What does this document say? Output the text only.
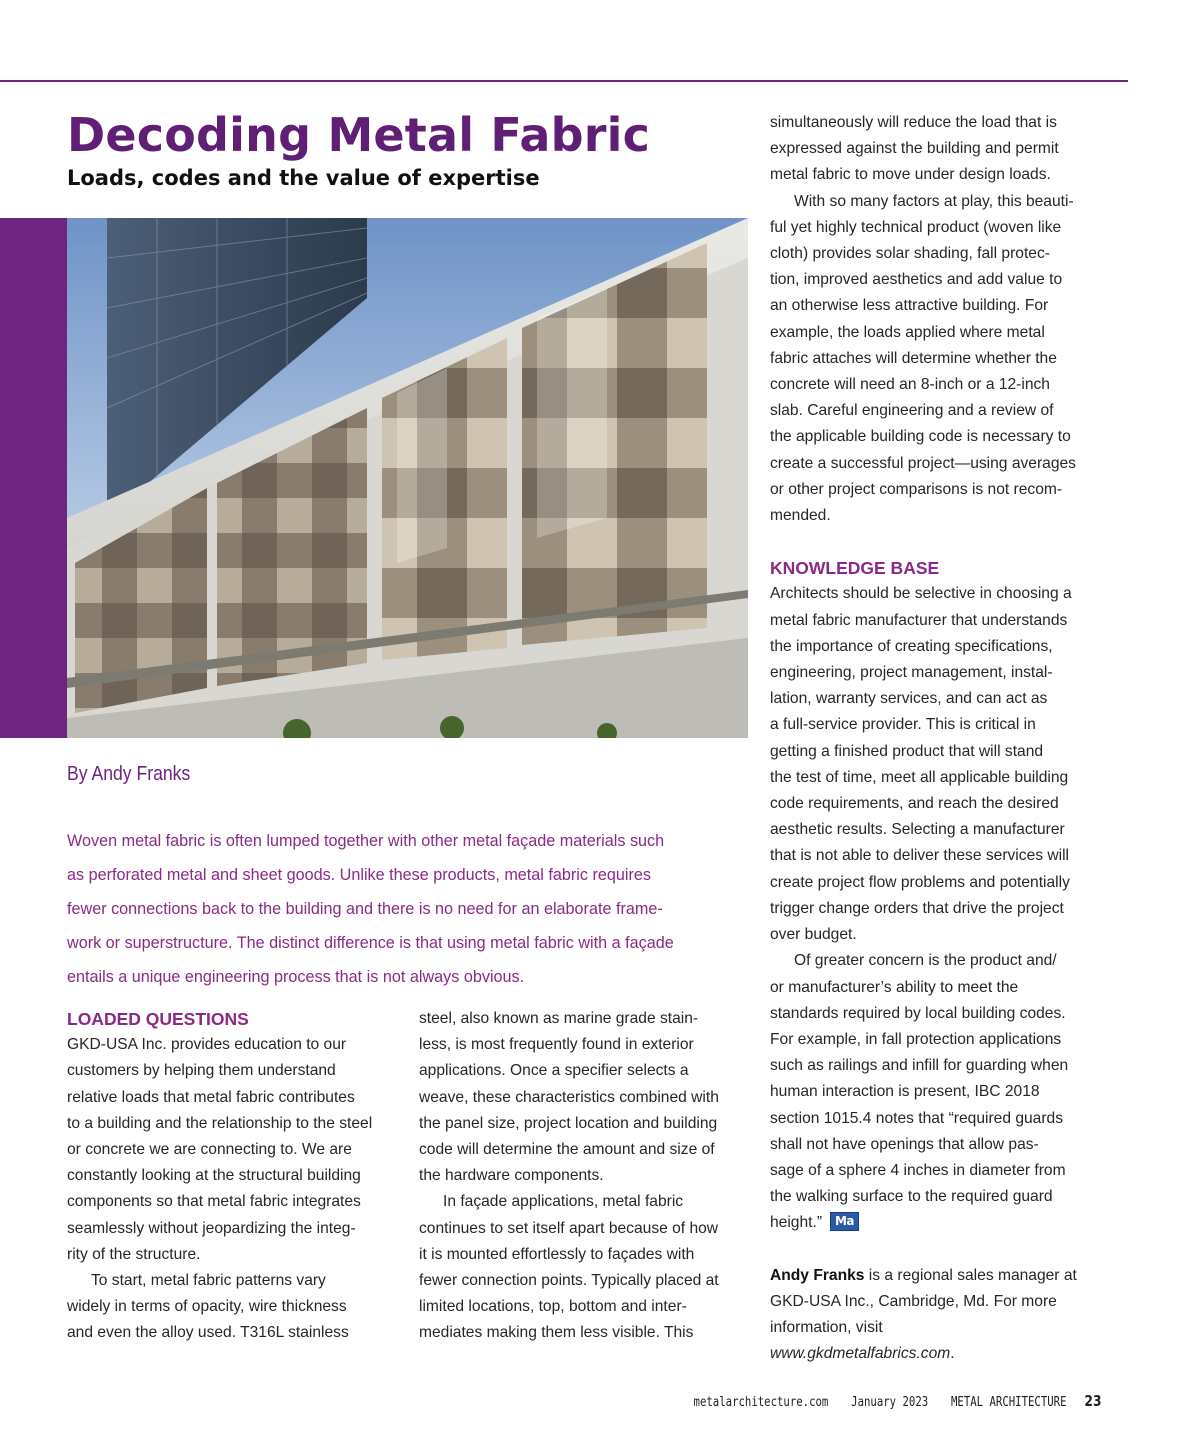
Decoding Metal Fabric
Loads, codes and the value of expertise
By Andy Franks
Woven metal fabric is often lumped together with other metal façade materials such
as perforated metal and sheet goods. Unlike these products, metal fabric requires
fewer connections back to the building and there is no need for an elaborate frame-
work or superstructure. The distinct difference is that using metal fabric with a façade
entails a unique engineering process that is not always obvious.
LOADED QUESTIONS

GKD-USA Inc. provides education to our
customers by helping them understand
relative loads that metal fabric contributes
to a building and the relationship to the steel
or concrete we are connecting to. We are
constantly looking at the structural building
components so that metal fabric integrates
seamlessly without jeopardizing the integ-
rity of the structure.

To start, metal fabric patterns vary
widely in terms of opacity, wire thickness
and even the alloy used. T316L stainless

steel, also known as marine grade stain-
less, is most frequently found in exterior
applications. Once a specifier selects a
weave, these characteristics combined with
the panel size, project location and building
code will determine the amount and size of
the hardware components.

In façade applications, metal fabric
continues to set itself apart because of how
it is mounted effortlessly to façades with
fewer connection points. Typically placed at
limited locations, top, bottom and inter-
mediates making them less visible. This

simultaneously will reduce the load that is
expressed against the building and permit
metal fabric to move under design loads.

With so many factors at play, this beauti-
ful yet highly technical product (woven like
cloth) provides solar shading, fall protec-
tion, improved aesthetics and add value to
an otherwise less attractive building. For
example, the loads applied where metal
fabric attaches will determine whether the
concrete will need an 8-inch or a 12-inch
slab. Careful engineering and a review of
the applicable building code is necessary to
create a successful project—using averages
or other project comparisons is not recom-
mended.

KNOWLEDGE BASE

Architects should be selective in choosing a
metal fabric manufacturer that understands
the importance of creating specifications,
engineering, project management, instal-
lation, warranty services, and can act as
a full-service provider. This is critical in
getting a finished product that will stand
the test of time, meet all applicable building
code requirements, and reach the desired
aesthetic results. Selecting a manufacturer
that is not able to deliver these services will
create project flow problems and potentially
trigger change orders that drive the project
over budget.

Of greater concern is the product and/
or manufacturer’s ability to meet the
standards required by local building codes.
For example, in fall protection applications
such as railings and infill for guarding when
human interaction is present, IBC 2018
section 1015.4 notes that “required guards
shall not have openings that allow pas-
sage of a sphere 4 inches in diameter from
the walking surface to the required guard
height.” Ma

Andy Franks is a regional sales manager at
GKD-USA Inc., Cambridge, Md. For more
information, visit
www.gkdmetalfabrics.com.

metalarchitecture.com January 2023 METAL ARCHITECTURE 23
